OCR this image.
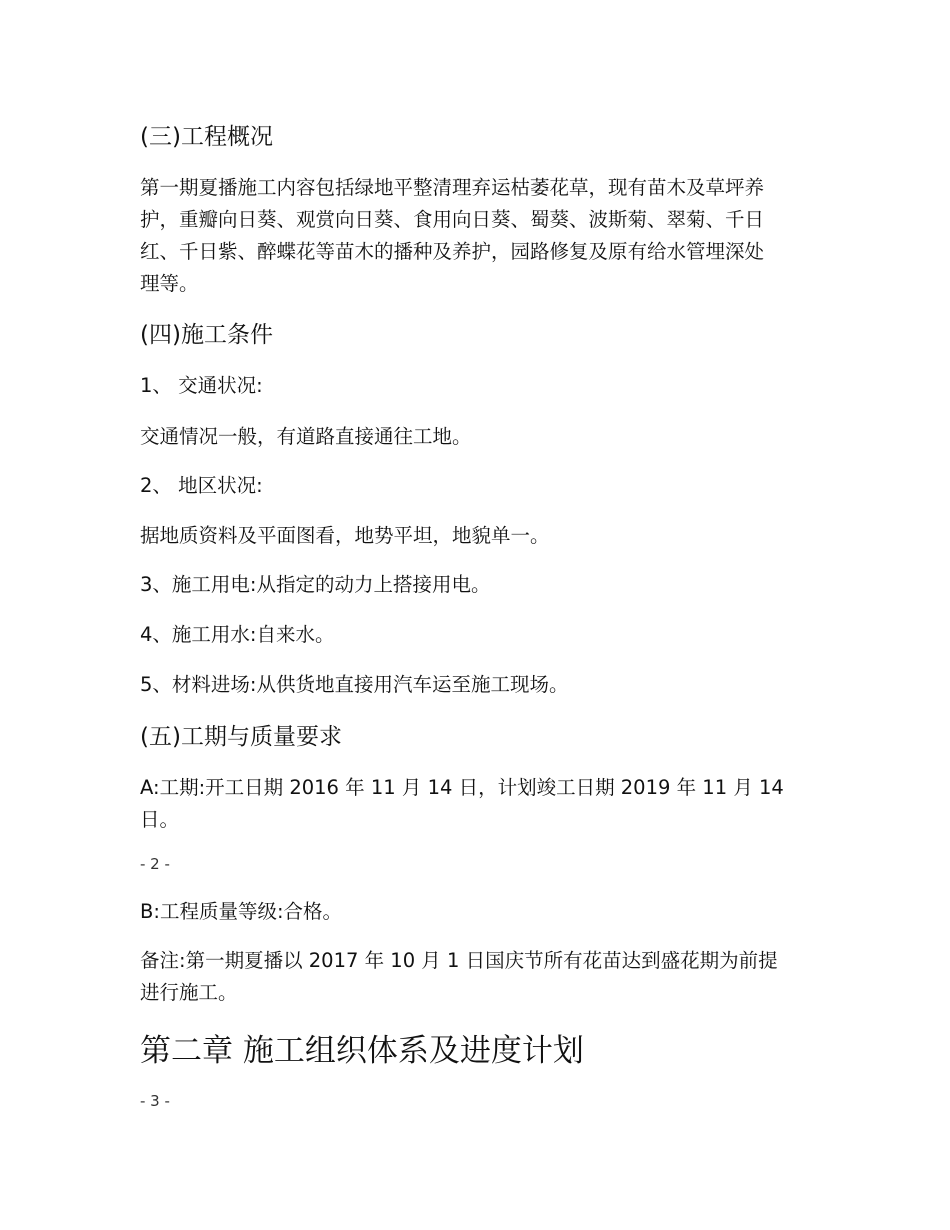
(三)工程概况
第一期夏播施工内容包括绿地平整清理弃运枯萎花草，现有苗木及草坪养
护，重瓣向日葵、观赏向日葵、食用向日葵、蜀葵、波斯菊、翠菊、千日
红、千日紫、醉蝶花等苗木的播种及养护，园路修复及原有给水管埋深处
理等。
(四)施工条件
1、 交通状况:
交通情况一般，有道路直接通往工地。
2、 地区状况:
据地质资料及平面图看，地势平坦，地貌单一。
3、施工用电:从指定的动力上搭接用电。
4、施工用水:自来水。
5、材料进场:从供货地直接用汽车运至施工现场。
(五)工期与质量要求
A:工期:开工日期 2016 年 11 月 14 日，计划竣工日期 2019 年 11 月 14
日。
- 2 -
B:工程质量等级:合格。
备注:第一期夏播以 2017 年 10 月 1 日国庆节所有花苗达到盛花期为前提
进行施工。
第二章 施工组织体系及进度计划
- 3 -
